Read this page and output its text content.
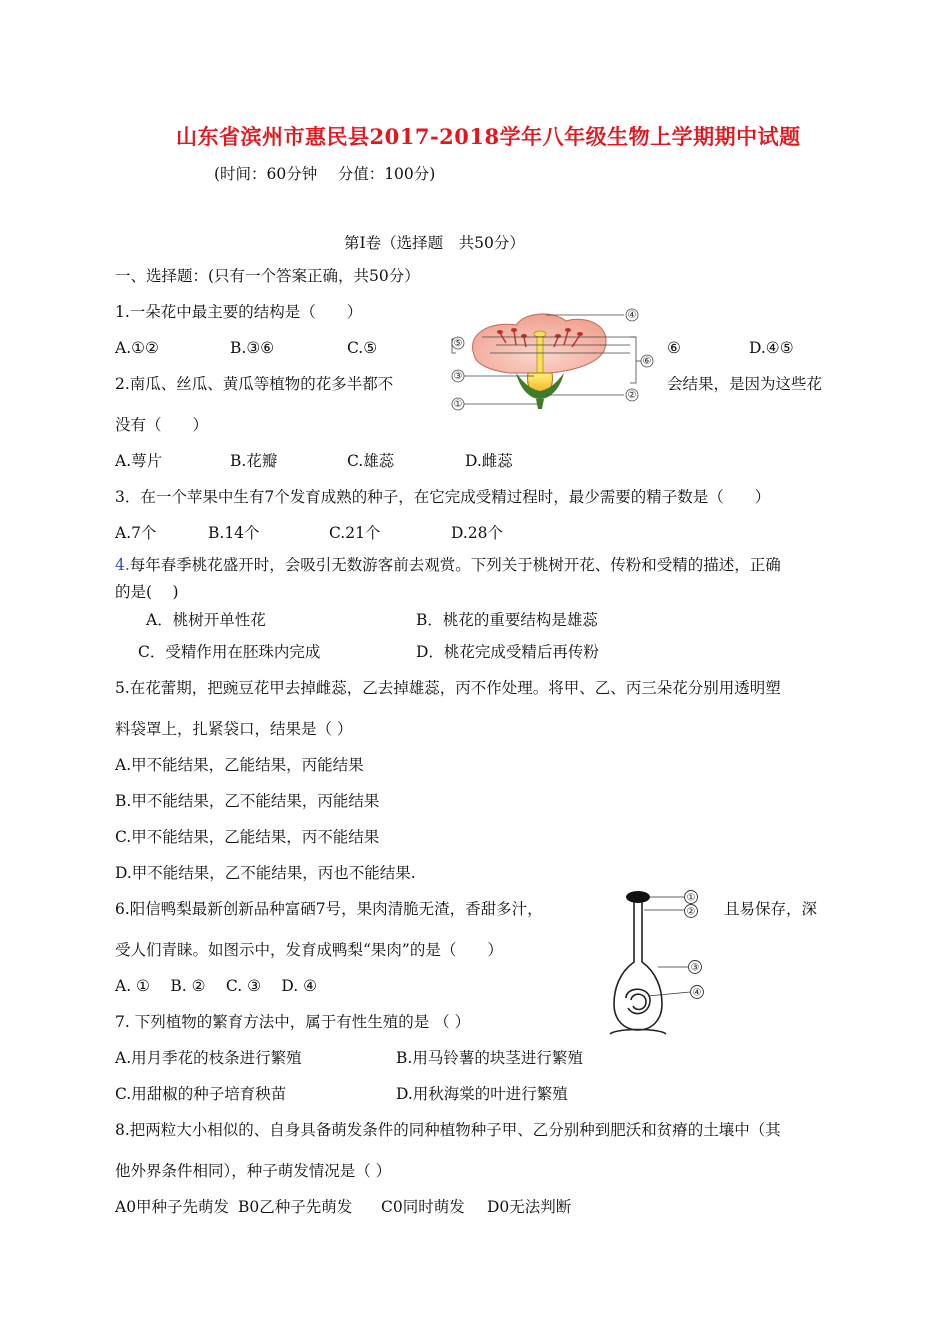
山东省滨州市惠民县2017-2018学年八年级生物上学期期中试题
(时间：60分钟　 分值：100分)
第Ⅰ卷（选择题　共50分）
一、选择题：(只有一个答案正确，共50分）
1.一朵花中最主要的结构是（　　）
A.①②	B.③⑥	C.⑤	⑥	D.④⑤
④
⑤
⑥
③
②
①
2.南瓜、丝瓜、黄瓜等植物的花多半都不	会结果，是因为这些花
没有（　　）
A.萼片	B.花瓣	C.雄蕊	D.雌蕊
3．在一个苹果中生有7个发育成熟的种子，在它完成受精过程时，最少需要的精子数是（　　）
A.7个	B.14个	C.21个	D.28个
4.每年春季桃花盛开时，会吸引无数游客前去观赏。下列关于桃树开花、传粉和受精的描述，正确
的是(　 )
A．桃树开单性花	B．桃花的重要结构是雄蕊
C．受精作用在胚珠内完成	D．桃花完成受精后再传粉
5.在花蕾期，把豌豆花甲去掉雌蕊，乙去掉雄蕊，丙不作处理。将甲、乙、丙三朵花分别用透明塑
料袋罩上，扎紧袋口，结果是（ ）
A.甲不能结果，乙能结果，丙能结果
B.甲不能结果，乙不能结果，丙能结果
C.甲不能结果，乙能结果，丙不能结果
D.甲不能结果，乙不能结果，丙也不能结果.
6.阳信鸭梨最新创新品种富硒7号，果肉清脆无渣，香甜多汁，	且易保存，深
受人们青睐。如图示中，发育成鸭梨“果肉”的是（　　）
A. ①　 B. ②　 C. ③　 D. ④
①
②
③
④
7. 下列植物的繁育方法中，属于有性生殖的是 （ ）
A.用月季花的枝条进行繁殖	B.用马铃薯的块茎进行繁殖
C.用甜椒的种子培育秧苗	D.用秋海棠的叶进行繁殖
8.把两粒大小相似的、自身具备萌发条件的同种植物种子甲、乙分别种到肥沃和贫瘠的土壤中（其
他外界条件相同），种子萌发情况是（ ）
A0甲种子先萌发 B0乙种子先萌发 C0同时萌发 D0无法判断
